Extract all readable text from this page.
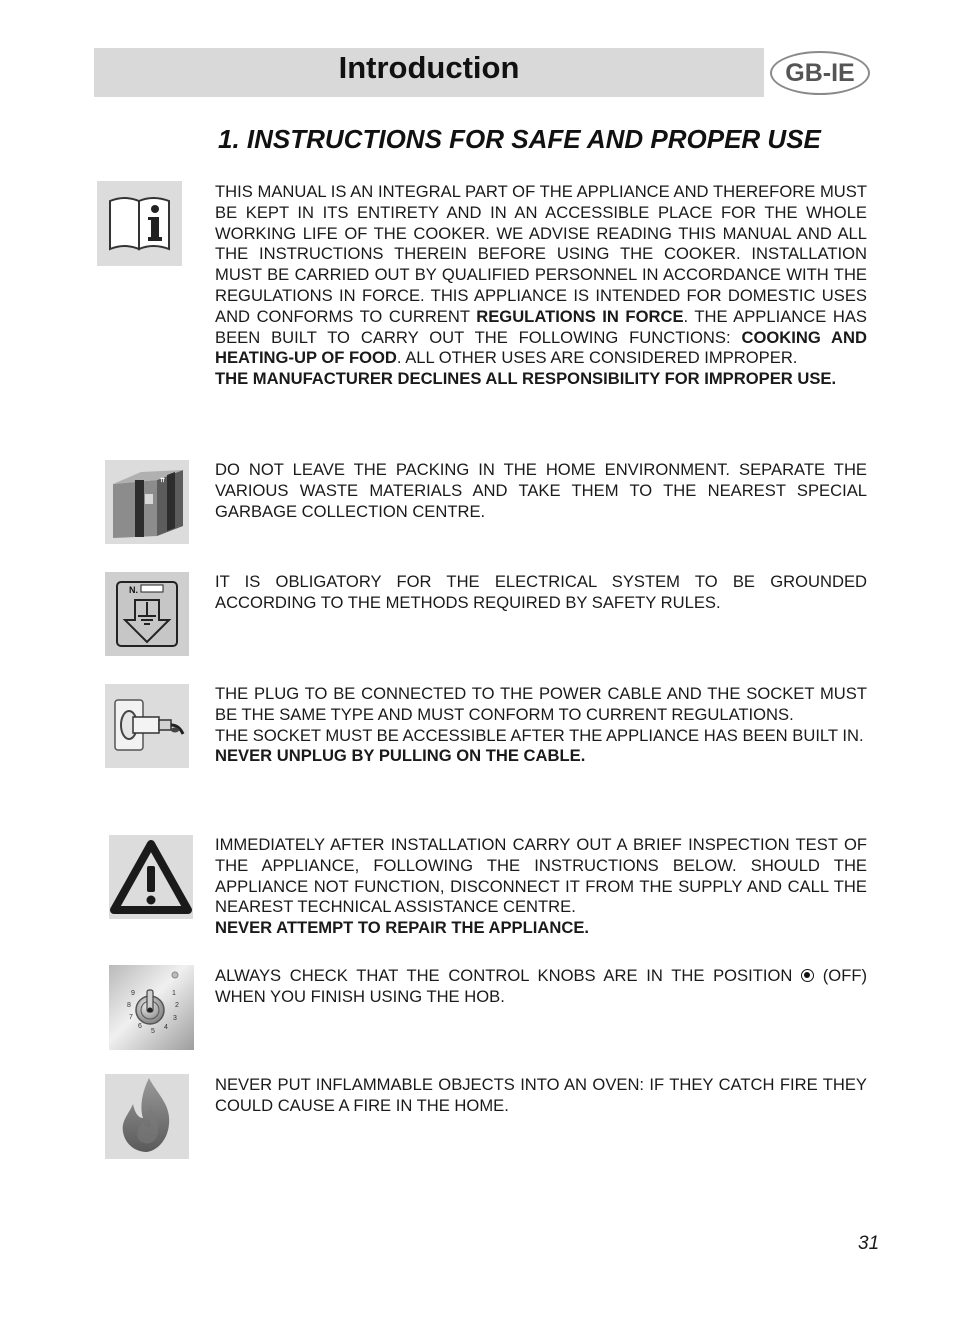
Introduction	GB-IE
1. INSTRUCTIONS FOR SAFE AND PROPER USE

THIS MANUAL IS AN INTEGRAL PART OF THE APPLIANCE AND THEREFORE MUST BE KEPT IN ITS ENTIRETY AND IN AN ACCESSIBLE PLACE FOR THE WHOLE WORKING LIFE OF THE COOKER. WE ADVISE READING THIS MANUAL AND ALL THE INSTRUCTIONS THEREIN BEFORE USING THE COOKER. INSTALLATION MUST BE CARRIED OUT BY QUALIFIED PERSONNEL IN ACCORDANCE WITH THE REGULATIONS IN FORCE. THIS APPLIANCE IS INTENDED FOR DOMESTIC USES AND CONFORMS TO CURRENT REGULATIONS IN FORCE. THE APPLIANCE HAS BEEN BUILT TO CARRY OUT THE FOLLOWING FUNCTIONS: COOKING AND HEATING-UP OF FOOD. ALL OTHER USES ARE CONSIDERED IMPROPER.

THE MANUFACTURER DECLINES ALL RESPONSIBILITY FOR IMPROPER USE.

⇈

DO NOT LEAVE THE PACKING IN THE HOME ENVIRONMENT. SEPARATE THE VARIOUS WASTE MATERIALS AND TAKE THEM TO THE NEAREST SPECIAL GARBAGE COLLECTION CENTRE.

N.	IT IS OBLIGATORY FOR THE ELECTRICAL SYSTEM TO BE GROUNDED ACCORDING TO THE METHODS REQUIRED BY SAFETY RULES.

THE PLUG TO BE CONNECTED TO THE POWER CABLE AND THE SOCKET MUST BE THE SAME TYPE AND MUST CONFORM TO CURRENT REGULATIONS.

THE SOCKET MUST BE ACCESSIBLE AFTER THE APPLIANCE HAS BEEN BUILT IN.

NEVER UNPLUG BY PULLING ON THE CABLE.

IMMEDIATELY AFTER INSTALLATION CARRY OUT A BRIEF INSPECTION TEST OF THE APPLIANCE, FOLLOWING THE INSTRUCTIONS BELOW. SHOULD THE APPLIANCE NOT FUNCTION, DISCONNECT IT FROM THE SUPPLY AND CALL THE NEAREST TECHNICAL ASSISTANCE CENTRE.

NEVER ATTEMPT TO REPAIR THE APPLIANCE.

1
2
3
4
5
6
7
8
9

ALWAYS CHECK THAT THE CONTROL KNOBS ARE IN THE POSITION  (OFF) WHEN YOU FINISH USING THE HOB.

NEVER PUT INFLAMMABLE OBJECTS INTO AN OVEN: IF THEY CATCH FIRE THEY COULD CAUSE A FIRE IN THE HOME.

31
